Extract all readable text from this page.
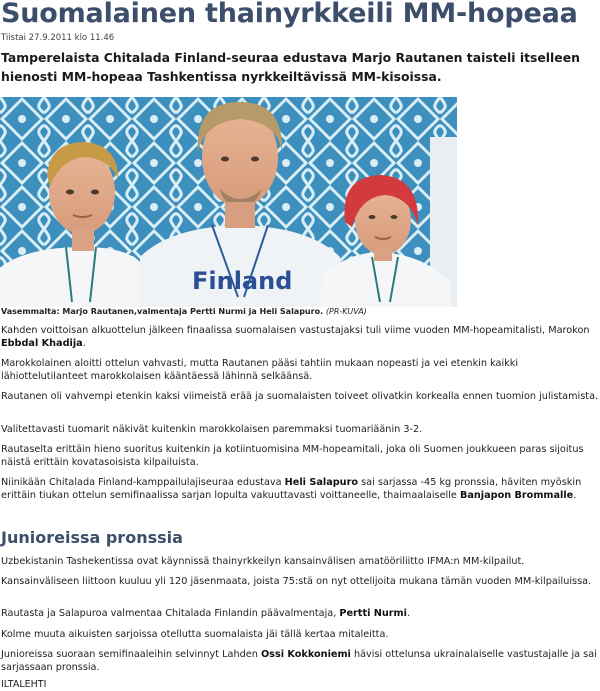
Suomalainen thainyrkkeili MM-hopeaa
Tiistai 27.9.2011 klo 11.46

Tamperelaista Chitalada Finland-seuraa edustava Marjo Rautanen taisteli itselleen hienosti MM-hopeaa Tashkentissa nyrkkeiltävissä MM-kisoissa.

Finland
Vasemmalta: Marjo Rautanen,valmentaja Pertti Nurmi ja Heli Salapuro. (PR-KUVA)

Kahden voittoisan alkuottelun jälkeen finaalissa suomalaisen vastustajaksi tuli viime vuoden MM-hopeamitalisti, Marokon Ebbdal Khadija.

Marokkolainen aloitti ottelun vahvasti, mutta Rautanen pääsi tahtiin mukaan nopeasti ja vei etenkin kaikki lähiottelutilanteet marokkolaisen kääntäessä lähinnä selkäänsä.

Rautanen oli vahvempi etenkin kaksi viimeistä erää ja suomalaisten toiveet olivatkin korkealla ennen tuomion julistamista.

Valitettavasti tuomarit näkivät kuitenkin marokkolaisen paremmaksi tuomariäänin 3-2.

Rautaselta erittäin hieno suoritus kuitenkin ja kotiintuomisina MM-hopeamitali, joka oli Suomen joukkueen paras sijoitus näistä erittäin kovatasoisista kilpailuista.

Niinikään Chitalada Finland-kamppailulajiseuraa edustava Heli Salapuro sai sarjassa -45 kg pronssia, häviten myöskin erittäin tiukan ottelun semifinaalissa sarjan lopulta vakuuttavasti voittaneelle, thaimaalaiselle Banjapon Brommalle.

Junioreissa pronssia

Uzbekistanin Tashekentissa ovat käynnissä thainyrkkeilyn kansainvälisen amatööriliitto IFMA:n MM-kilpailut.

Kansainväliseen liittoon kuuluu yli 120 jäsenmaata, joista 75:stä on nyt ottelijoita mukana tämän vuoden MM-kilpailuissa.

Rautasta ja Salapuroa valmentaa Chitalada Finlandin päävalmentaja, Pertti Nurmi.

Kolme muuta aikuisten sarjoissa otellutta suomalaista jäi tällä kertaa mitaleitta.

Junioreissa suoraan semifinaaleihin selvinnyt Lahden Ossi Kokkoniemi hävisi ottelunsa ukrainalaiselle vastustajalle ja sai sarjassaan pronssia.

ILTALEHTI
